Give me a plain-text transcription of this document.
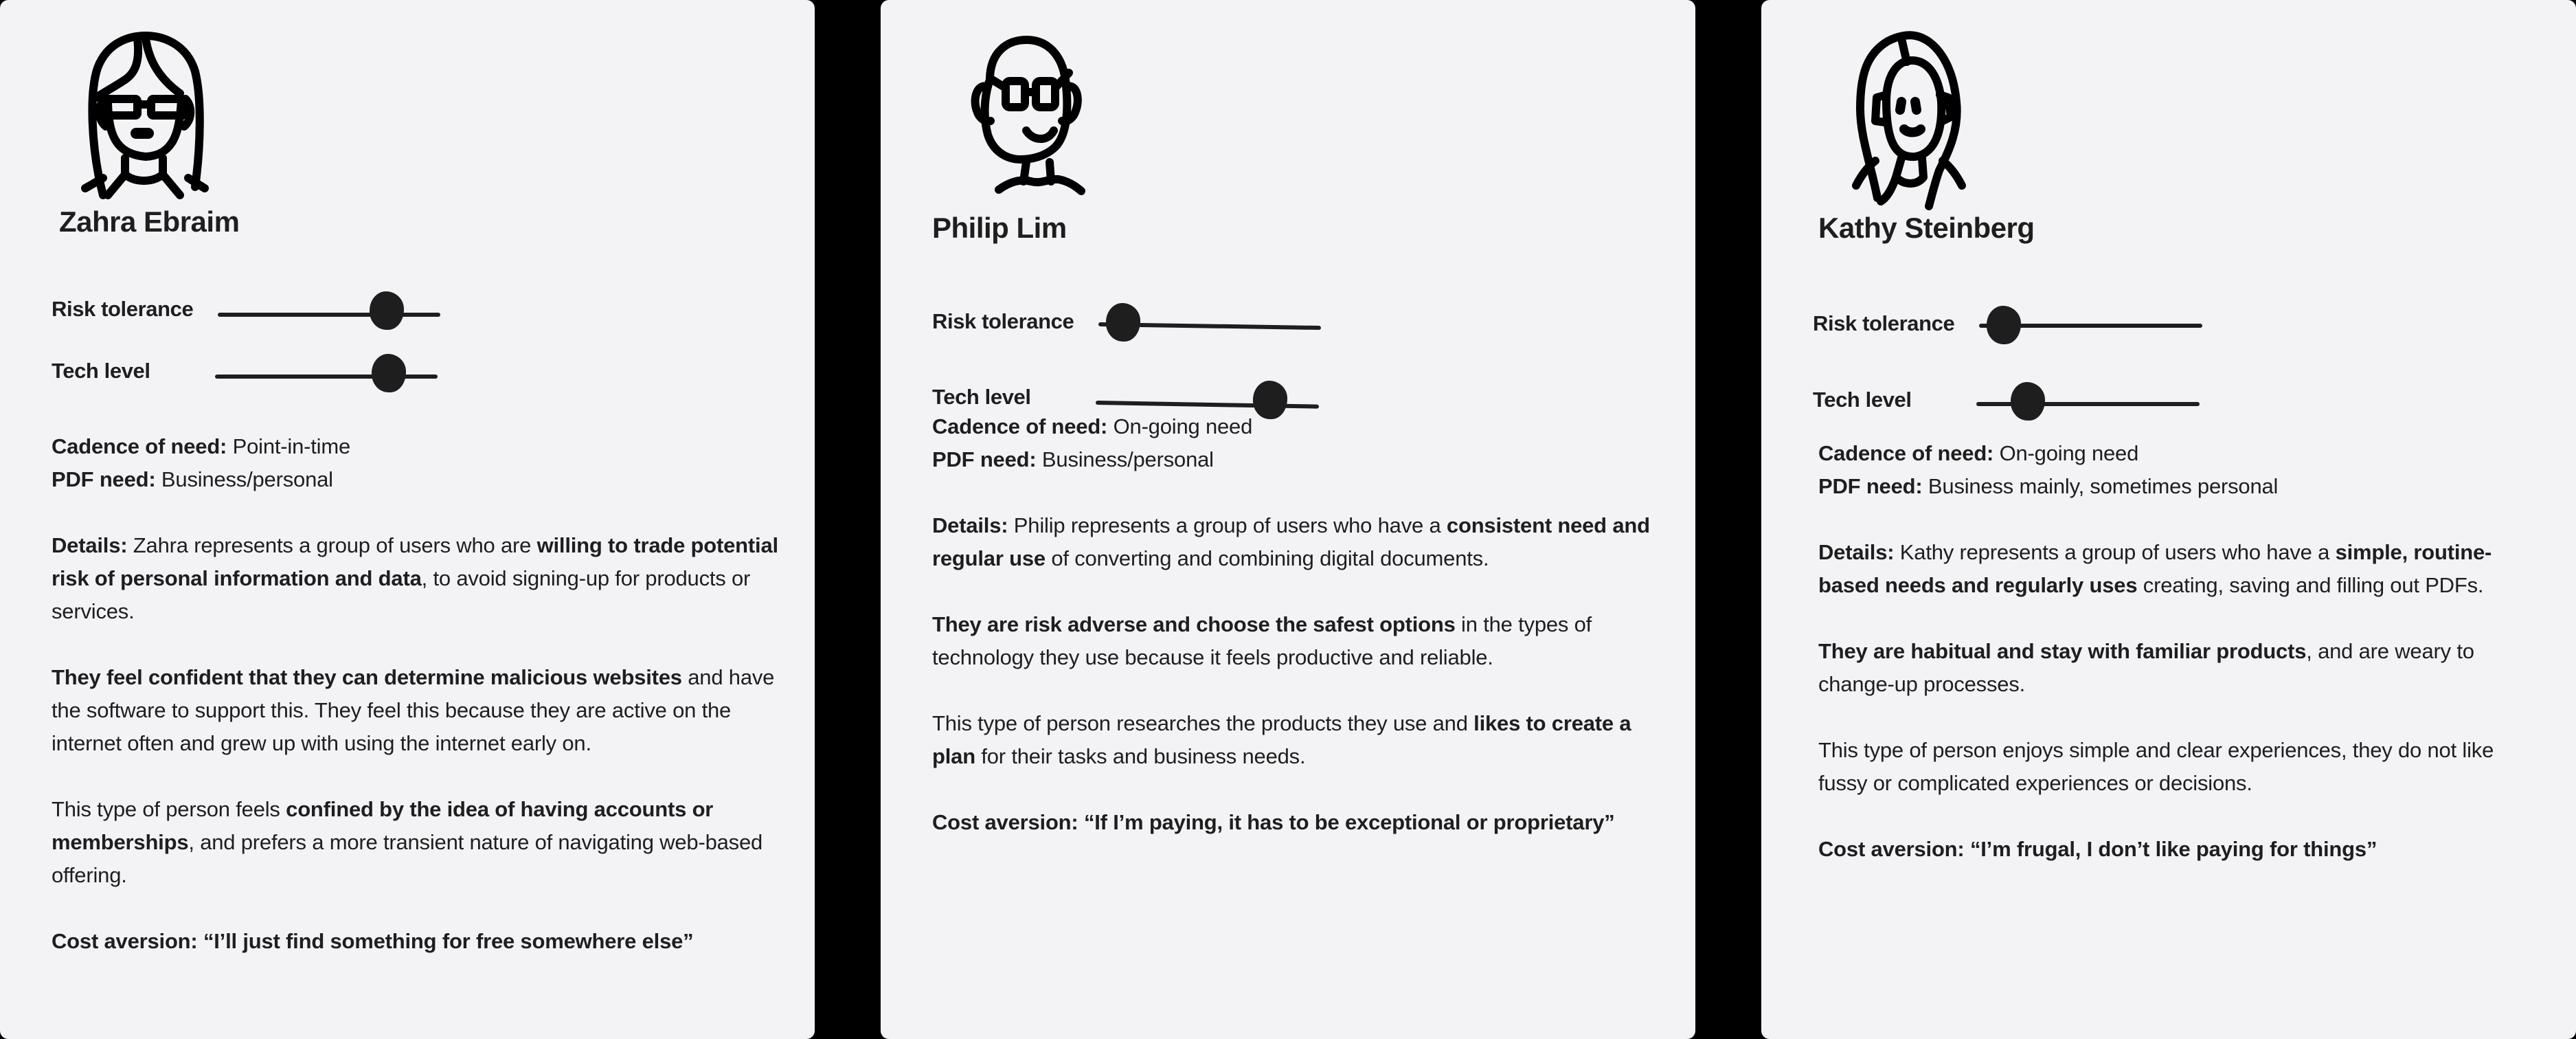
Zahra Ebraim
Risk tolerance
Tech level

Cadence of need: Point-in-time

PDF need: Business/personal

Details: Zahra represents a group of users who are willing to trade potential risk of personal information and data, to avoid signing-up for products or services.

They feel confident that they can determine malicious websites and have the software to support this. They feel this because they are active on the internet often and grew up with using the internet early on.

This type of person feels confined by the idea of having accounts or memberships, and prefers a more transient nature of navigating web-based offering.

Cost aversion: “I’ll just find something for free somewhere else”

Philip Lim
Risk tolerance
Tech level

Cadence of need: On-going need

PDF need: Business/personal

Details: Philip represents a group of users who have a consistent need and regular use of converting and combining digital documents.

They are risk adverse and choose the safest options in the types of technology they use because it feels productive and reliable.

This type of person researches the products they use and likes to create a plan for their tasks and business needs.

Cost aversion: “If I’m paying, it has to be exceptional or proprietary”

Kathy Steinberg
Risk tolerance
Tech level

Cadence of need: On-going need

PDF need: Business mainly, sometimes personal

Details: Kathy represents a group of users who have a simple, routine-based needs and regularly uses creating, saving and filling out PDFs.

They are habitual and stay with familiar products, and are weary to change-up processes.

This type of person enjoys simple and clear experiences, they do not like fussy or complicated experiences or decisions.

Cost aversion: “I’m frugal, I don’t like paying for things”
